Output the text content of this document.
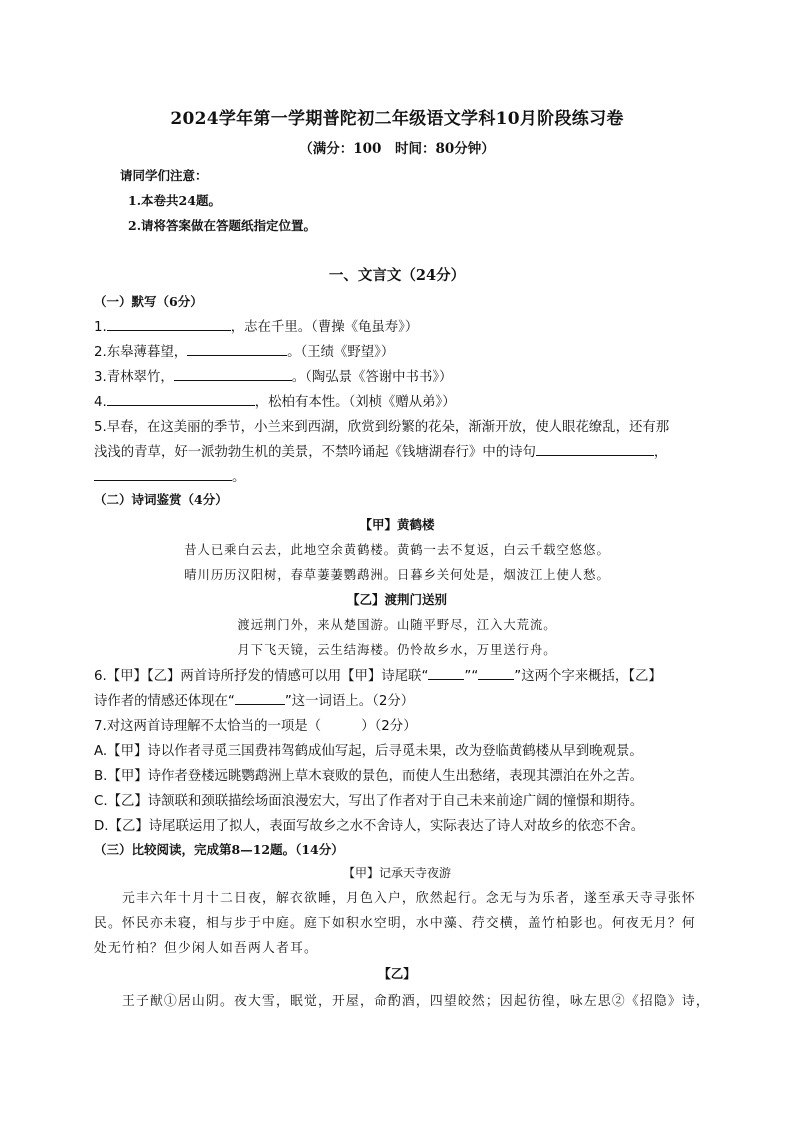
2024学年第一学期普陀初二年级语文学科10月阶段练习卷
（满分：100　时间：80分钟）
请同学们注意：
1.本卷共24题。
2.请将答案做在答题纸指定位置。
一、文言文（24分）
（一）默写（6分）
1.	，志在千里。（曹操《龟虽寿》）
2.东皋薄暮望，	。（王绩《野望》）
3.青林翠竹，	。（陶弘景《答谢中书书》）
4.	，松柏有本性。（刘桢《赠从弟》）
5.早春，在这美丽的季节，小兰来到西湖，欣赏到纷繁的花朵，渐渐开放，使人眼花缭乱，还有那
浅浅的青草，好一派勃勃生机的美景，不禁吟诵起《钱塘湖春行》中的诗句	，
。
（二）诗词鉴赏（4分）
【甲】黄鹤楼
昔人已乘白云去，此地空余黄鹤楼。黄鹤一去不复返，白云千载空悠悠。
晴川历历汉阳树，春草萋萋鹦鹉洲。日暮乡关何处是，烟波江上使人愁。
【乙】渡荆门送别
渡远荆门外，来从楚国游。山随平野尽，江入大荒流。
月下飞天镜，云生结海楼。仍怜故乡水，万里送行舟。
6.【甲】【乙】两首诗所抒发的情感可以用【甲】诗尾联“	”“	”这两个字来概括，【乙】
诗作者的情感还体现在“	”这一词语上。（2分）
7.对这两首诗理解不太恰当的一项是（　　　）（2分）
A.【甲】诗以作者寻觅三国费祎驾鹤成仙写起，后寻觅未果，改为登临黄鹤楼从早到晚观景。
B.【甲】诗作者登楼远眺鹦鹉洲上草木衰败的景色，而使人生出愁绪，表现其漂泊在外之苦。
C.【乙】诗颔联和颈联描绘场面浪漫宏大，写出了作者对于自己未来前途广阔的憧憬和期待。
D.【乙】诗尾联运用了拟人，表面写故乡之水不舍诗人，实际表达了诗人对故乡的依恋不舍。
（三）比较阅读，完成第8—12题。（14分）
【甲】记承天寺夜游
元丰六年十月十二日夜，解衣欲睡，月色入户，欣然起行。念无与为乐者，遂至承天寺寻张怀
民。怀民亦未寝，相与步于中庭。庭下如积水空明，水中藻、荇交横，盖竹柏影也。何夜无月？何
处无竹柏？但少闲人如吾两人者耳。
【乙】
王子猷①居山阴。夜大雪，眠觉，开屋，命酌酒，四望皎然；因起彷徨，咏左思②《招隐》诗，
